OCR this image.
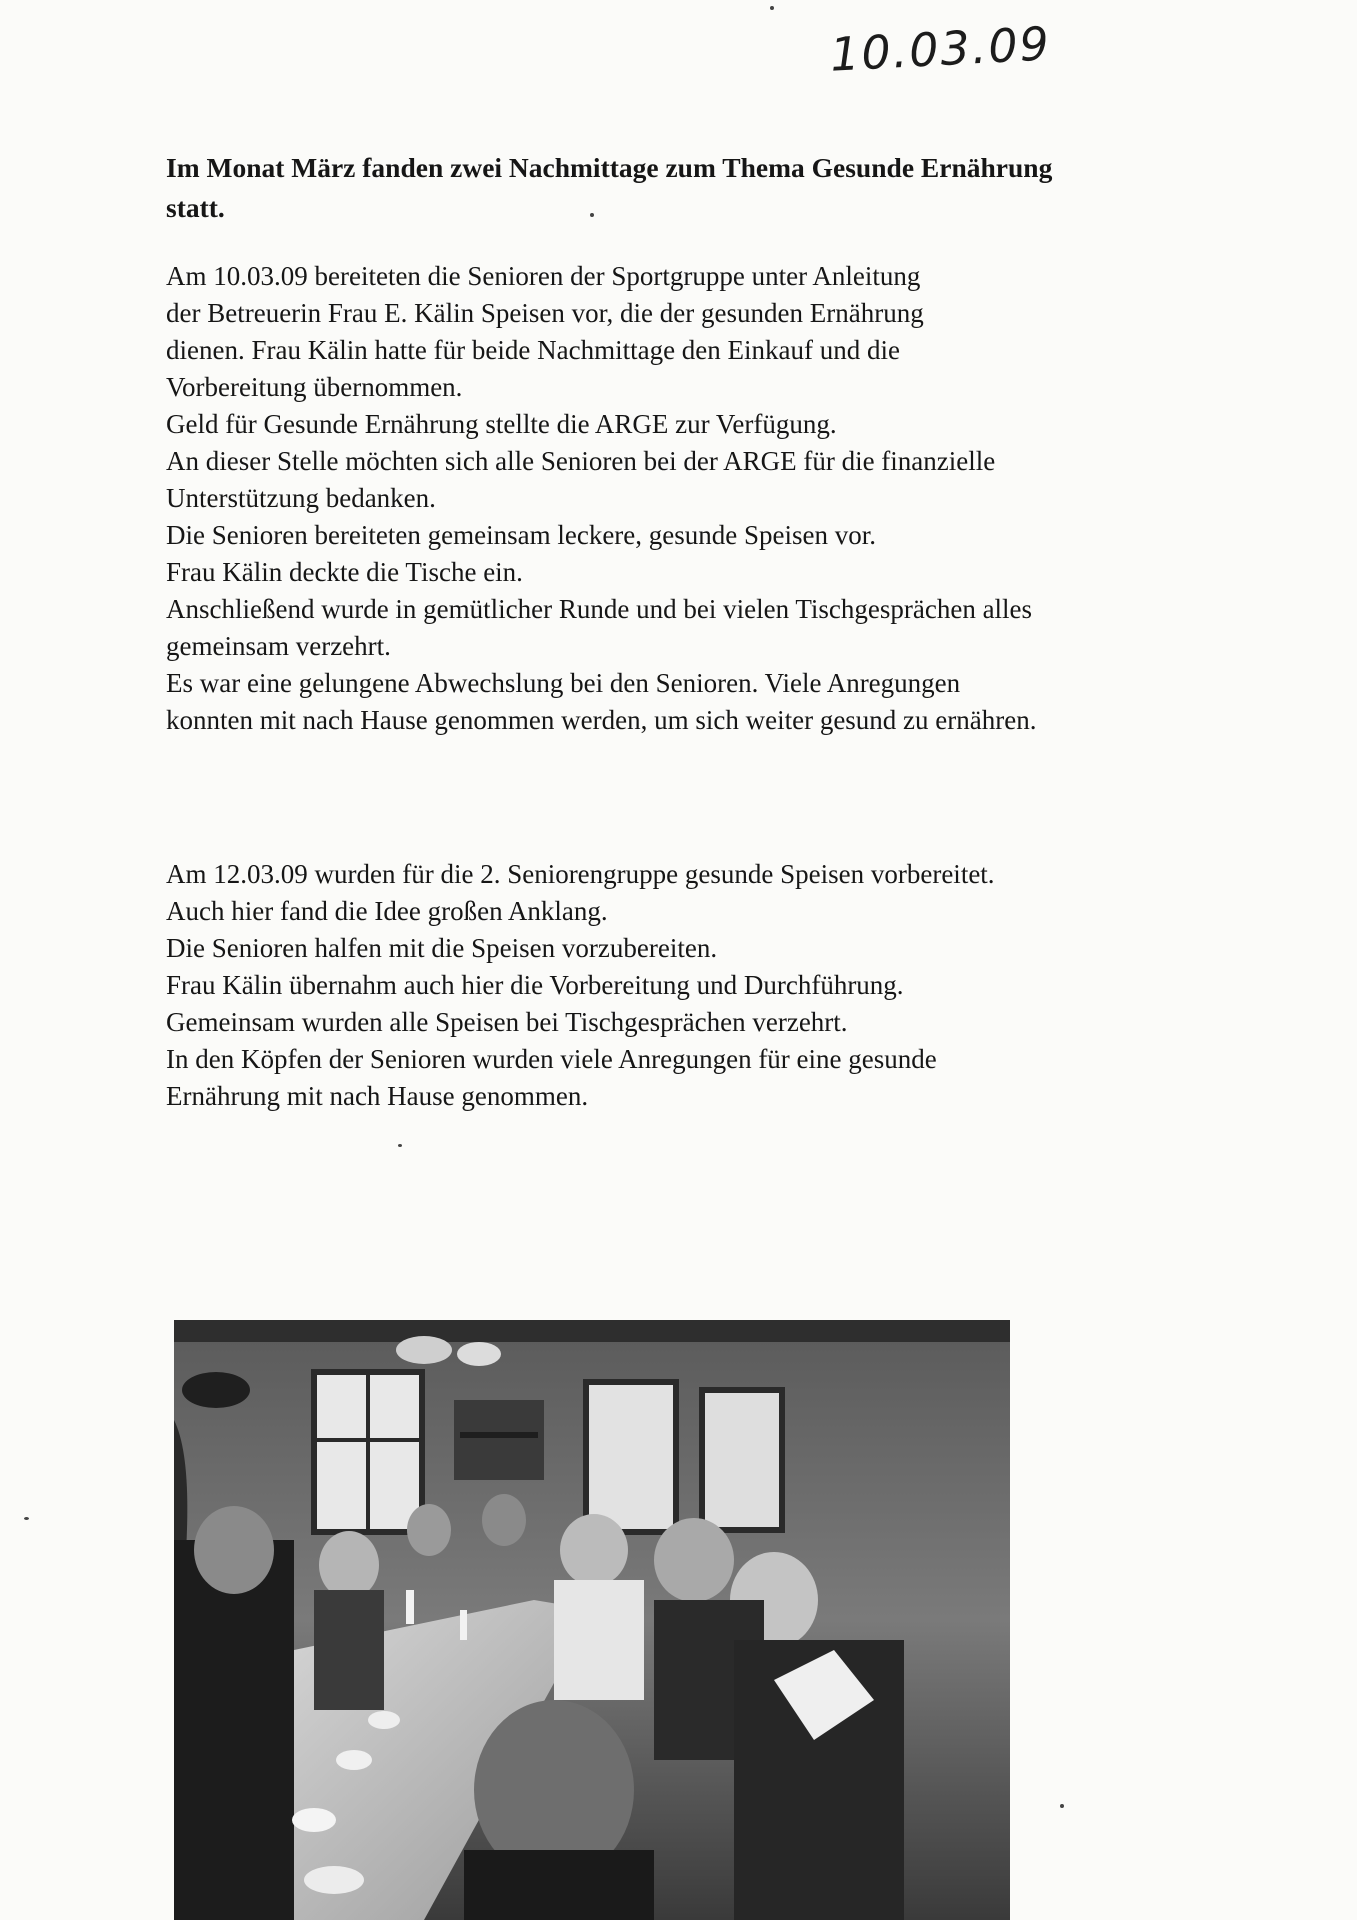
10.03.09
Im Monat März fanden zwei Nachmittage zum Thema Gesunde Ernährung
statt.
Am 10.03.09 bereiteten die Senioren der Sportgruppe unter Anleitung
der Betreuerin Frau E. Kälin Speisen vor, die der gesunden Ernährung
dienen. Frau Kälin hatte für beide Nachmittage den Einkauf und die
Vorbereitung übernommen.
Geld für Gesunde Ernährung stellte die ARGE zur Verfügung.
An dieser Stelle möchten sich alle Senioren bei der ARGE für die finanzielle
Unterstützung bedanken.
Die Senioren bereiteten gemeinsam leckere, gesunde Speisen vor.
Frau Kälin deckte die Tische ein.
Anschließend wurde in gemütlicher Runde und bei vielen Tischgesprächen alles
gemeinsam verzehrt.
Es war eine gelungene Abwechslung bei den Senioren. Viele Anregungen
konnten mit nach Hause genommen werden, um sich weiter gesund zu ernähren.
Am 12.03.09 wurden für die 2. Seniorengruppe gesunde Speisen vorbereitet.
Auch hier fand die Idee großen Anklang.
Die Senioren halfen mit die Speisen vorzubereiten.
Frau Kälin übernahm auch hier die Vorbereitung und Durchführung.
Gemeinsam wurden alle Speisen bei Tischgesprächen verzehrt.
In den Köpfen der Senioren wurden viele Anregungen für eine gesunde
Ernährung mit nach Hause genommen.
